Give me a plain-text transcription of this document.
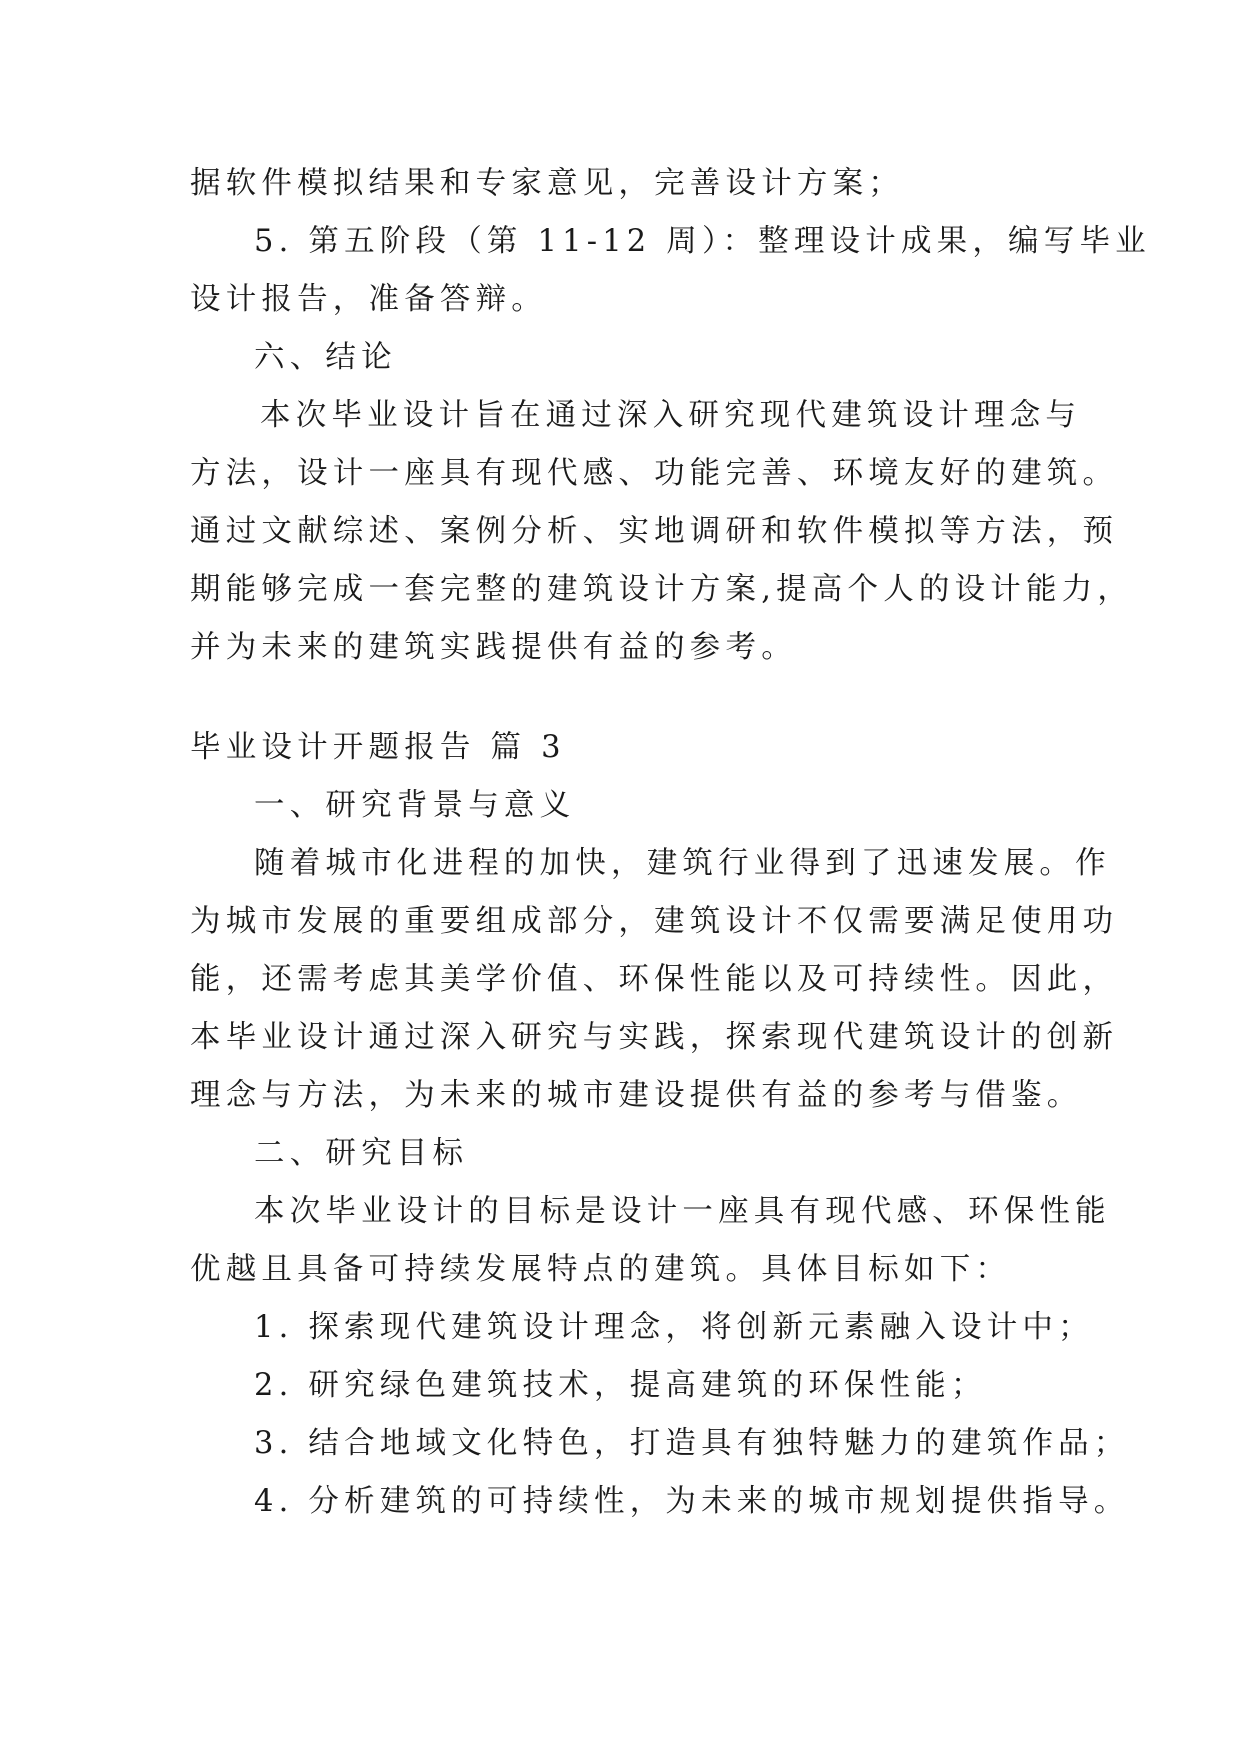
据软件模拟结果和专家意见，完善设计方案；
5. 第五阶段（第 11-12 周）：整理设计成果，编写毕业
设计报告，准备答辩。
六、结论
本次毕业设计旨在通过深入研究现代建筑设计理念与
方法，设计一座具有现代感、功能完善、环境友好的建筑。
通过文献综述、案例分析、实地调研和软件模拟等方法，预
期能够完成一套完整的建筑设计方案,提高个人的设计能力，
并为未来的建筑实践提供有益的参考。
毕业设计开题报告 篇 3
一、研究背景与意义
随着城市化进程的加快，建筑行业得到了迅速发展。作
为城市发展的重要组成部分，建筑设计不仅需要满足使用功
能，还需考虑其美学价值、环保性能以及可持续性。因此，
本毕业设计通过深入研究与实践，探索现代建筑设计的创新
理念与方法，为未来的城市建设提供有益的参考与借鉴。
二、研究目标
本次毕业设计的目标是设计一座具有现代感、环保性能
优越且具备可持续发展特点的建筑。具体目标如下：
1. 探索现代建筑设计理念，将创新元素融入设计中；
2. 研究绿色建筑技术，提高建筑的环保性能；
3. 结合地域文化特色，打造具有独特魅力的建筑作品；
4. 分析建筑的可持续性，为未来的城市规划提供指导。
